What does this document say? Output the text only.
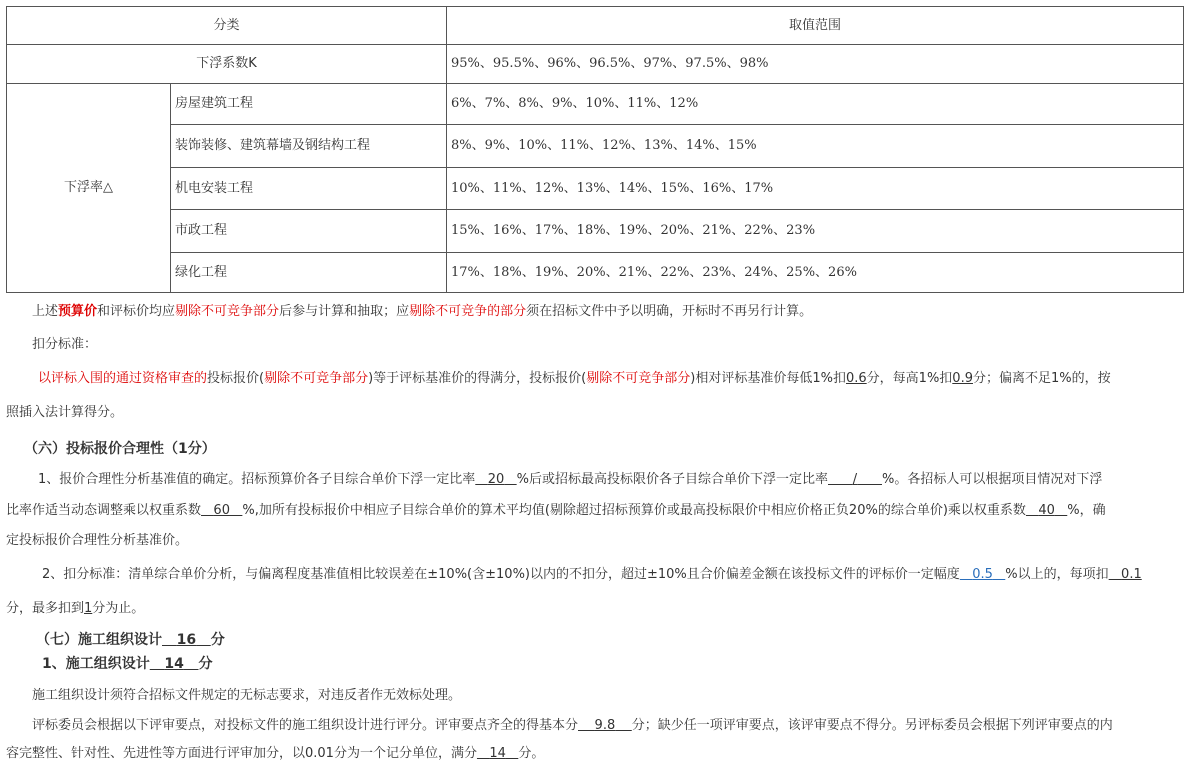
分类		取值范围
下浮系数K		95%、95.5%、96%、96.5%、97%、97.5%、98%
下浮率△	房屋建筑工程	6%、7%、8%、9%、10%、11%、12%
	装饰装修、建筑幕墙及钢结构工程	8%、9%、10%、11%、12%、13%、14%、15%
	机电安装工程	10%、11%、12%、13%、14%、15%、16%、17%
	市政工程	15%、16%、17%、18%、19%、20%、21%、22%、23%
	绿化工程	17%、18%、19%、20%、21%、22%、23%、24%、25%、26%
上述预算价和评标价均应剔除不可竞争部分后参与计算和抽取；应剔除不可竞争的部分须在招标文件中予以明确，开标时不再另行计算。
扣分标准：
以评标入围的通过资格审查的投标报价(剔除不可竞争部分)等于评标基准价的得满分，投标报价(剔除不可竞争部分)相对评标基准价每低1%扣0.6分，每高1%扣0.9分；偏离不足1%的，按
照插入法计算得分。
（六）投标报价合理性（1分）
1、报价合理性分析基准值的确定。招标预算价各子目综合单价下浮一定比率 20 %后或招标最高投标限价各子目综合单价下浮一定比率 / %。各招标人可以根据项目情况对下浮
比率作适当动态调整乘以权重系数 60 %,加所有投标报价中相应子目综合单价的算术平均值(剔除超过招标预算价或最高投标限价中相应价格正负20%的综合单价)乘以权重系数 40 %，确
定投标报价合理性分析基准价。
2、扣分标准：清单综合单价分析，与偏离程度基准值相比较误差在±10%(含±10%)以内的不扣分，超过±10%且合价偏差金额在该投标文件的评标价一定幅度 0.5 %以上的，每项扣 0.1
分，最多扣到1分为止。
（七）施工组织设计 16 分
1、施工组织设计 14 分
施工组织设计须符合招标文件规定的无标志要求，对违反者作无效标处理。
评标委员会根据以下评审要点，对投标文件的施工组织设计进行评分。评审要点齐全的得基本分 9.8 分；缺少任一项评审要点，该评审要点不得分。另评标委员会根据下列评审要点的内
容完整性、针对性、先进性等方面进行评审加分，以0.01分为一个记分单位，满分 14 分。
